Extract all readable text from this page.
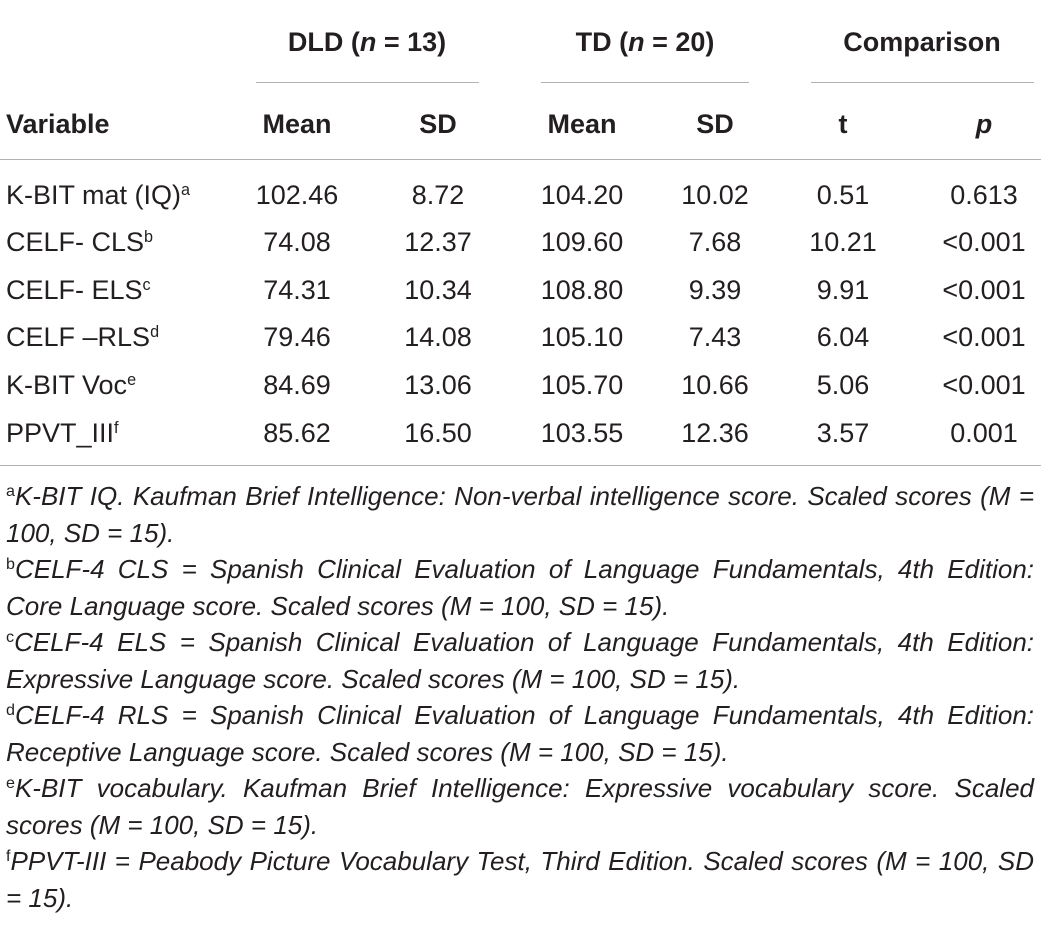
DLD (n = 13)	TD (n = 20)	Comparison
Variable	Mean	SD	Mean	SD	t	p
K-BIT mat (IQ)$^a$ 102.46	8.72	104.20 10.02	0.51	0.613
CELF- CLS$^b$	74.08	12.37	109.60 7.68	10.21 <0.001
CELF- ELS$^c$	74.31	10.34	108.80 9.39	9.91	<0.001
CELF –RLS$^d$	79.46	14.08	105.10 7.43	6.04	<0.001
K-BIT Voc$^e$	84.69	13.06	105.70 10.66	5.06	<0.001
PPVT_III$^f$	85.62	16.50	103.55 12.36	3.57	0.001

$^a$K-BIT IQ. Kaufman Brief Intelligence: Non-verbal intelligence score. Scaled scores (M = 100, SD = 15).

$^b$CELF-4 CLS = Spanish Clinical Evaluation of Language Fundamentals, 4th Edition: Core Language score. Scaled scores (M = 100, SD = 15).

$^c$CELF-4 ELS = Spanish Clinical Evaluation of Language Fundamentals, 4th Edition: Expressive Language score. Scaled scores (M = 100, SD = 15).

$^d$CELF-4 RLS = Spanish Clinical Evaluation of Language Fundamentals, 4th Edition: Receptive Language score. Scaled scores (M = 100, SD = 15).

$^e$K-BIT vocabulary. Kaufman Brief Intelligence: Expressive vocabulary score. Scaled scores (M = 100, SD = 15).

$^f$PPVT-III = Peabody Picture Vocabulary Test, Third Edition. Scaled scores (M = 100, SD = 15).
